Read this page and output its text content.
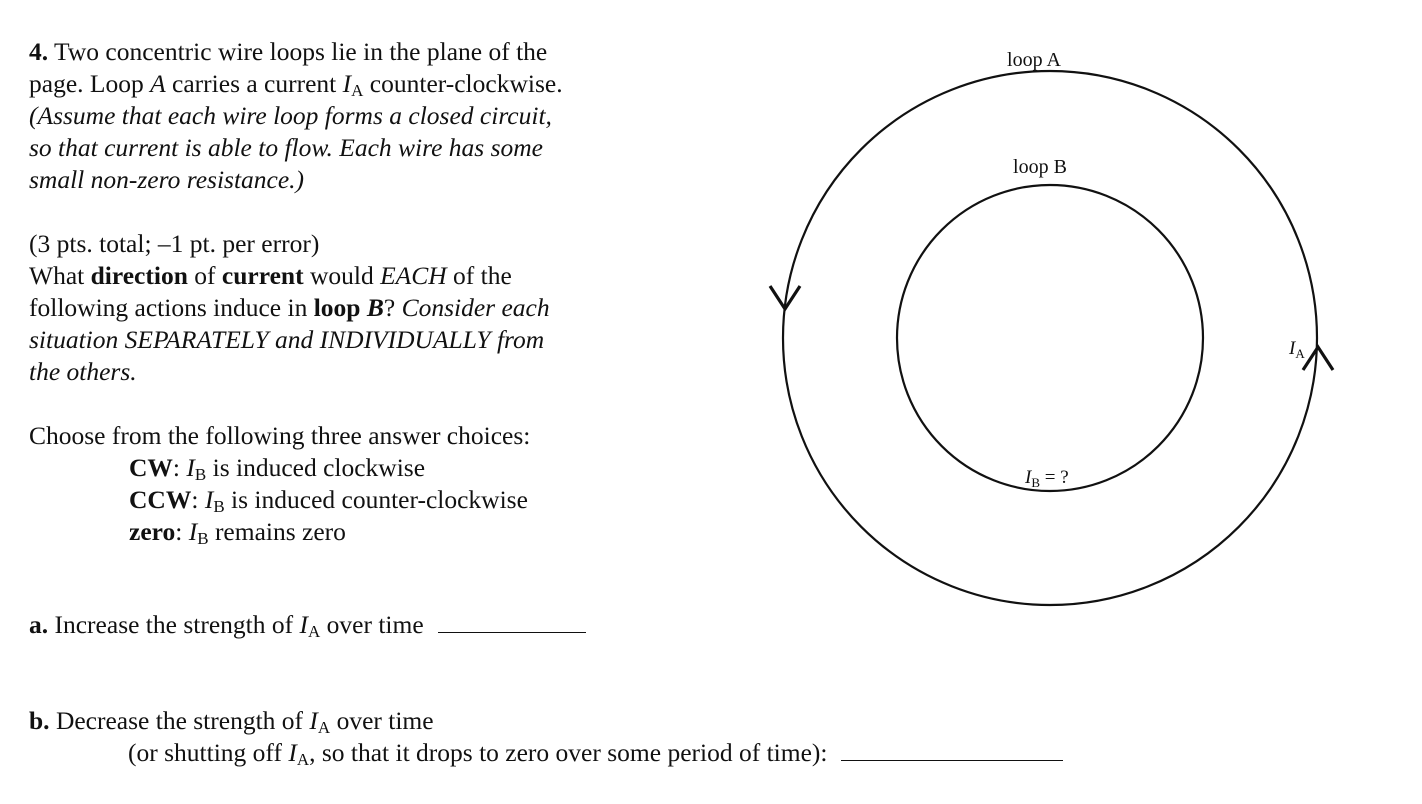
4. Two concentric wire loops lie in the plane of the
page. Loop A carries a current $I_A$ counter-clockwise.
(Assume that each wire loop forms a closed circuit,
so that current is able to flow. Each wire has some
small non-zero resistance.)
(3 pts. total; –1 pt. per error)
What direction of current would EACH of the
following actions induce in loop B? Consider each
situation SEPARATELY and INDIVIDUALLY from
the others.
Choose from the following three answer choices:
CW: $I_B$ is induced clockwise
CCW: $I_B$ is induced counter-clockwise
zero: $I_B$ remains zero
a. Increase the strength of $I_A$ over time
b. Decrease the strength of $I_A$ over time
(or shutting off $I_A$, so that it drops to zero over some period of time):
loop A
loop B
$I_A$
$I_B$ = ?
